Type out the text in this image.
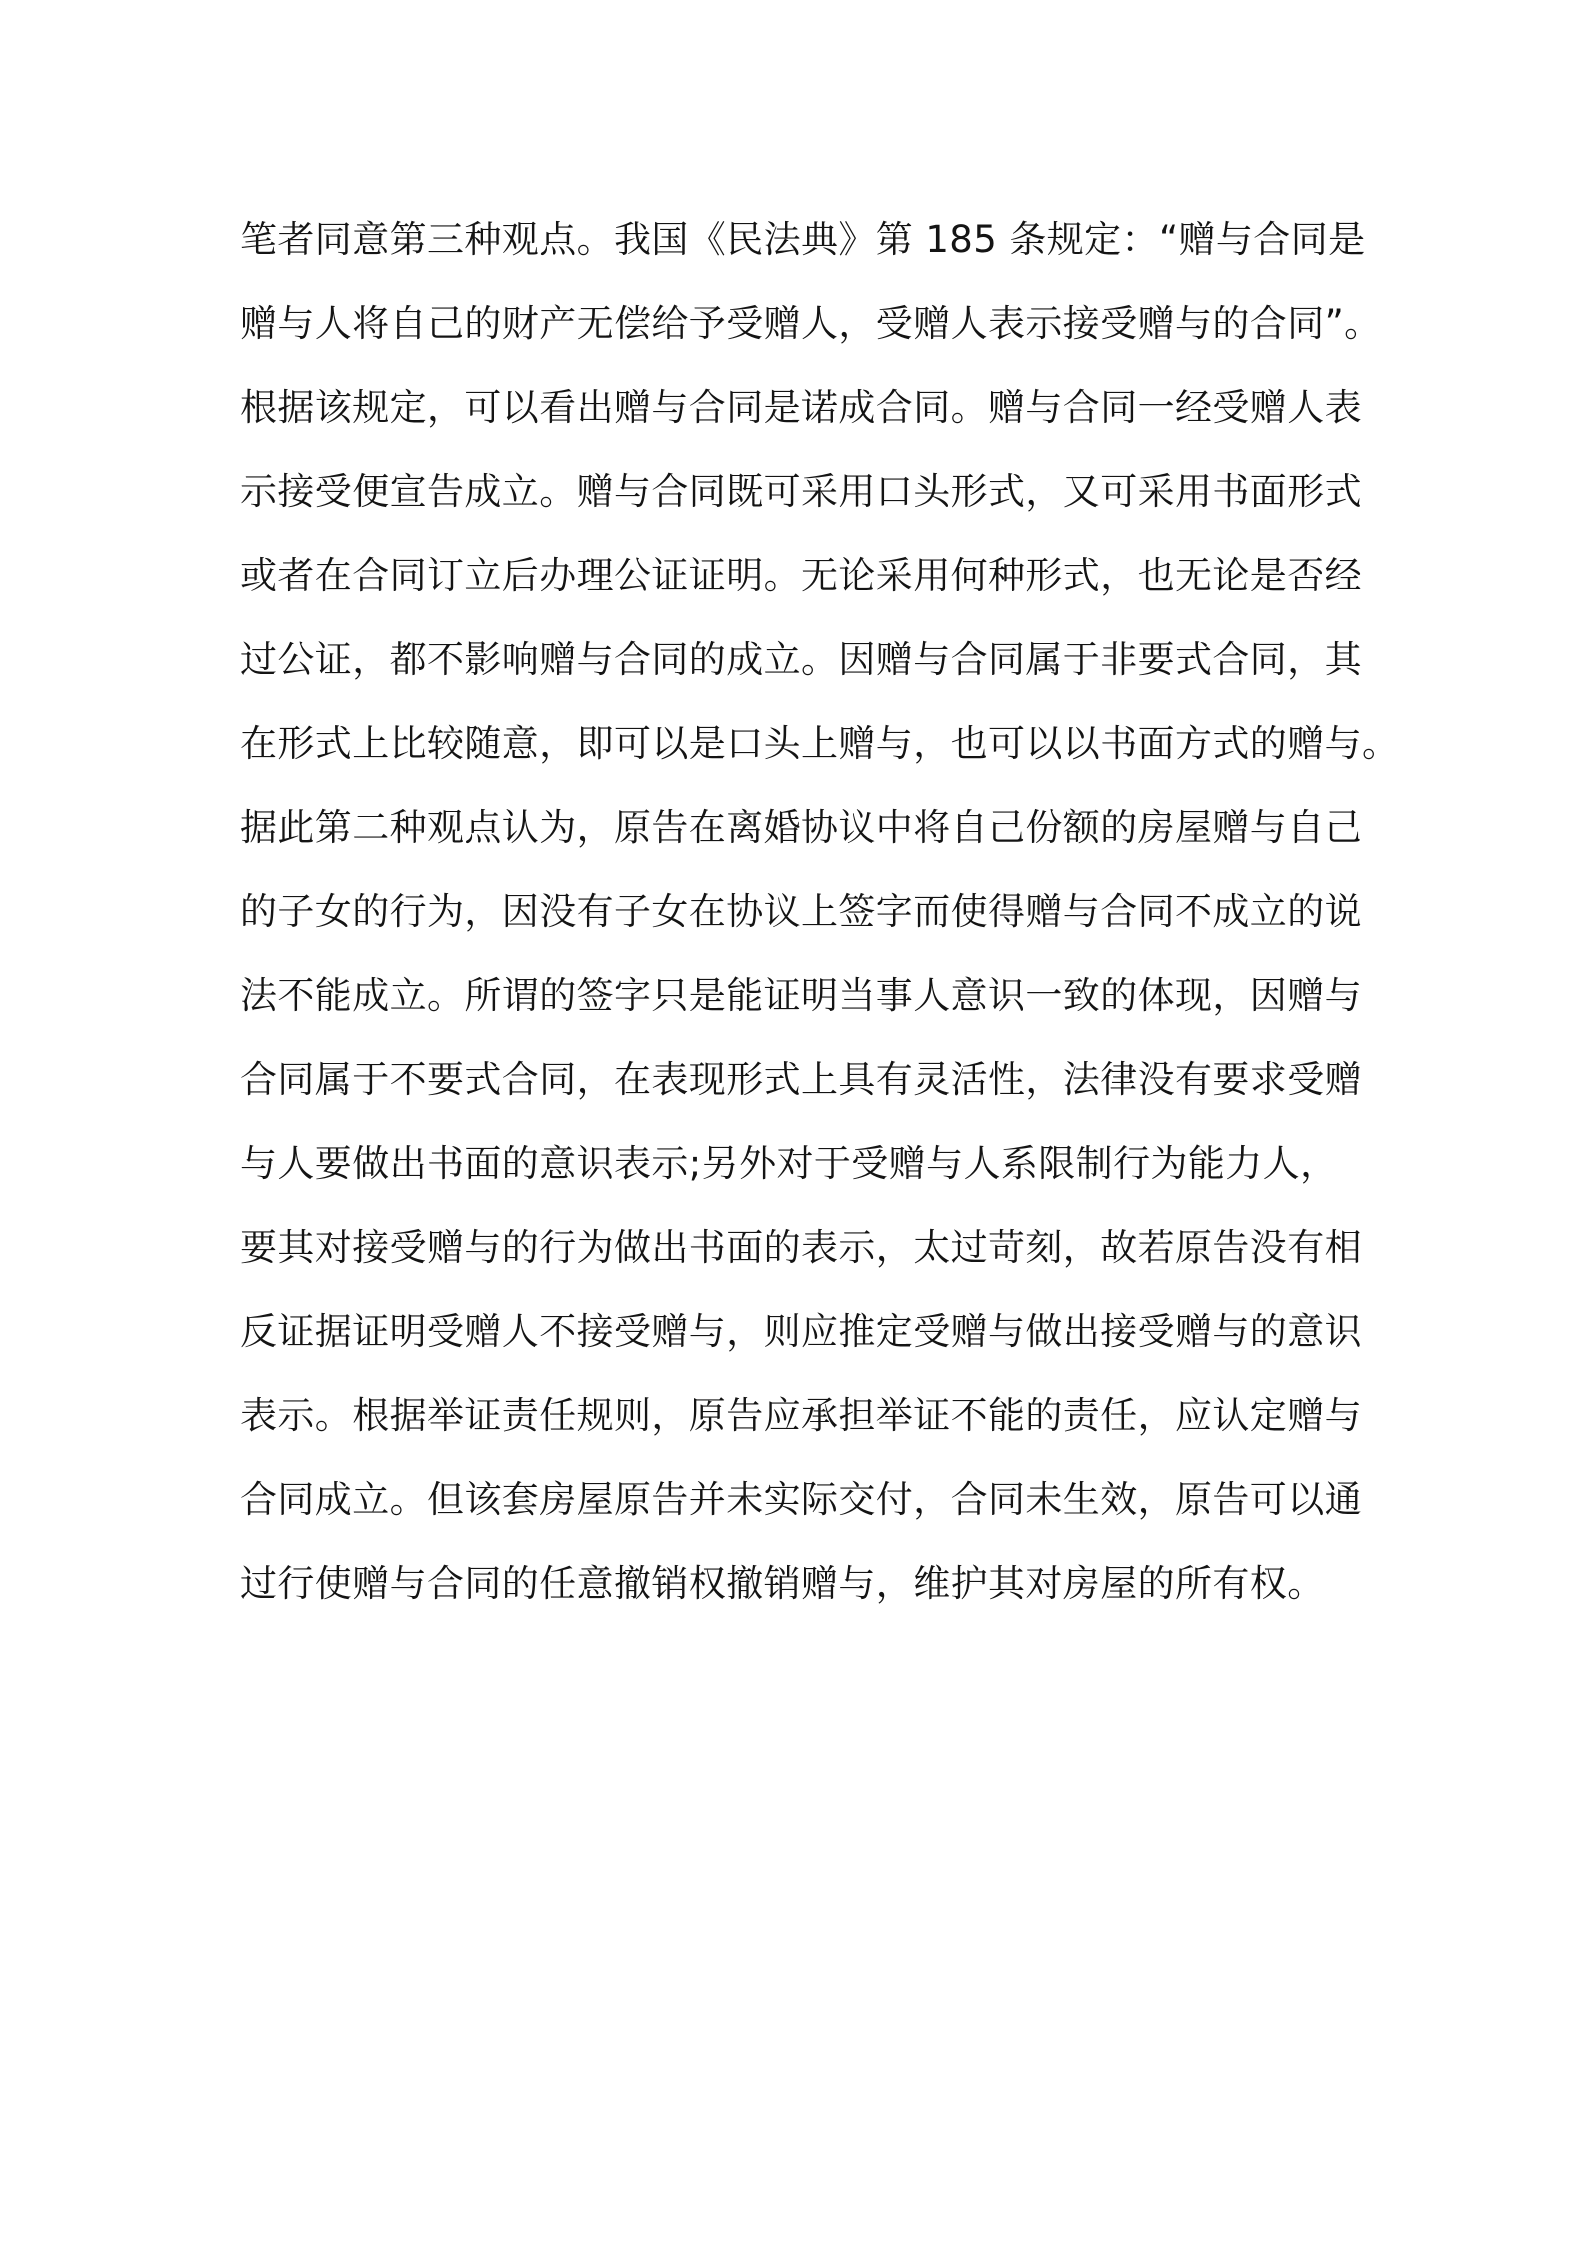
笔者同意第三种观点。我国《民法典》第 185 条规定：“赠与合同是
赠与人将自己的财产无偿给予受赠人，受赠人表示接受赠与的合同”。
根据该规定，可以看出赠与合同是诺成合同。赠与合同一经受赠人表
示接受便宣告成立。赠与合同既可采用口头形式，又可采用书面形式
或者在合同订立后办理公证证明。无论采用何种形式，也无论是否经
过公证，都不影响赠与合同的成立。因赠与合同属于非要式合同，其
在形式上比较随意，即可以是口头上赠与，也可以以书面方式的赠与。
据此第二种观点认为，原告在离婚协议中将自己份额的房屋赠与自己
的子女的行为，因没有子女在协议上签字而使得赠与合同不成立的说
法不能成立。所谓的签字只是能证明当事人意识一致的体现，因赠与
合同属于不要式合同，在表现形式上具有灵活性，法律没有要求受赠
与人要做出书面的意识表示;另外对于受赠与人系限制行为能力人，
要其对接受赠与的行为做出书面的表示，太过苛刻，故若原告没有相
反证据证明受赠人不接受赠与，则应推定受赠与做出接受赠与的意识
表示。根据举证责任规则，原告应承担举证不能的责任，应认定赠与
合同成立。但该套房屋原告并未实际交付，合同未生效，原告可以通
过行使赠与合同的任意撤销权撤销赠与，维护其对房屋的所有权。
